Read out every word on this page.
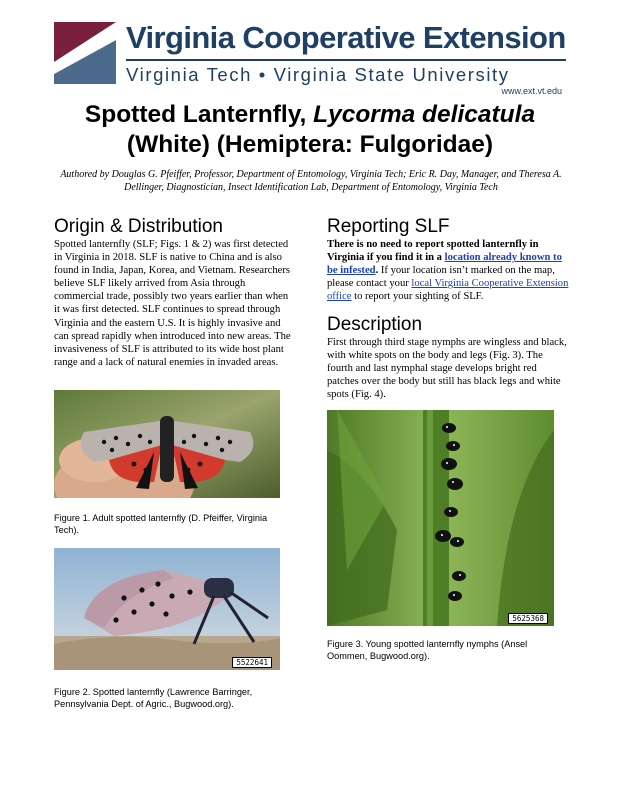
Virginia Cooperative Extension
Virginia Tech • Virginia State University
www.ext.vt.edu
Spotted Lanternfly, Lycorma delicatula
(White) (Hemiptera: Fulgoridae)
Authored by Douglas G. Pfeiffer, Professor, Department of Entomology, Virginia Tech; Eric R. Day, Manager, and Theresa A. Dellinger, Diagnostician, Insect Identification Lab, Department of Entomology, Virginia Tech
Origin & Distribution
Spotted lanternfly (SLF; Figs. 1 & 2) was first detected in Virginia in 2018. SLF is native to China and is also found in India, Japan, Korea, and Vietnam. Researchers believe SLF likely arrived from Asia through commercial trade, possibly two years earlier than when it was first detected. SLF continues to spread through Virginia and the eastern U.S. It is highly invasive and can spread rapidly when introduced into new areas. The invasiveness of SLF is attributed to its wide host plant range and a lack of natural enemies in invaded areas.
Figure 1. Adult spotted lanternfly (D. Pfeiffer, Virginia Tech).
5522641
Figure 2. Spotted lanternfly (Lawrence Barringer, Pennsylvania Dept. of Agric., Bugwood.org).
Reporting SLF
There is no need to report spotted lanternfly in Virginia if you find it in a location already known to be infested. If your location isn’t marked on the map, please contact your local Virginia Cooperative Extension office to report your sighting of SLF.
Description
First through third stage nymphs are wingless and black, with white spots on the body and legs (Fig. 3). The fourth and last nymphal stage develops bright red patches over the body but still has black legs and white spots (Fig. 4).
5625368
Figure 3. Young spotted lanternfly nymphs (Ansel Oommen, Bugwood.org).
